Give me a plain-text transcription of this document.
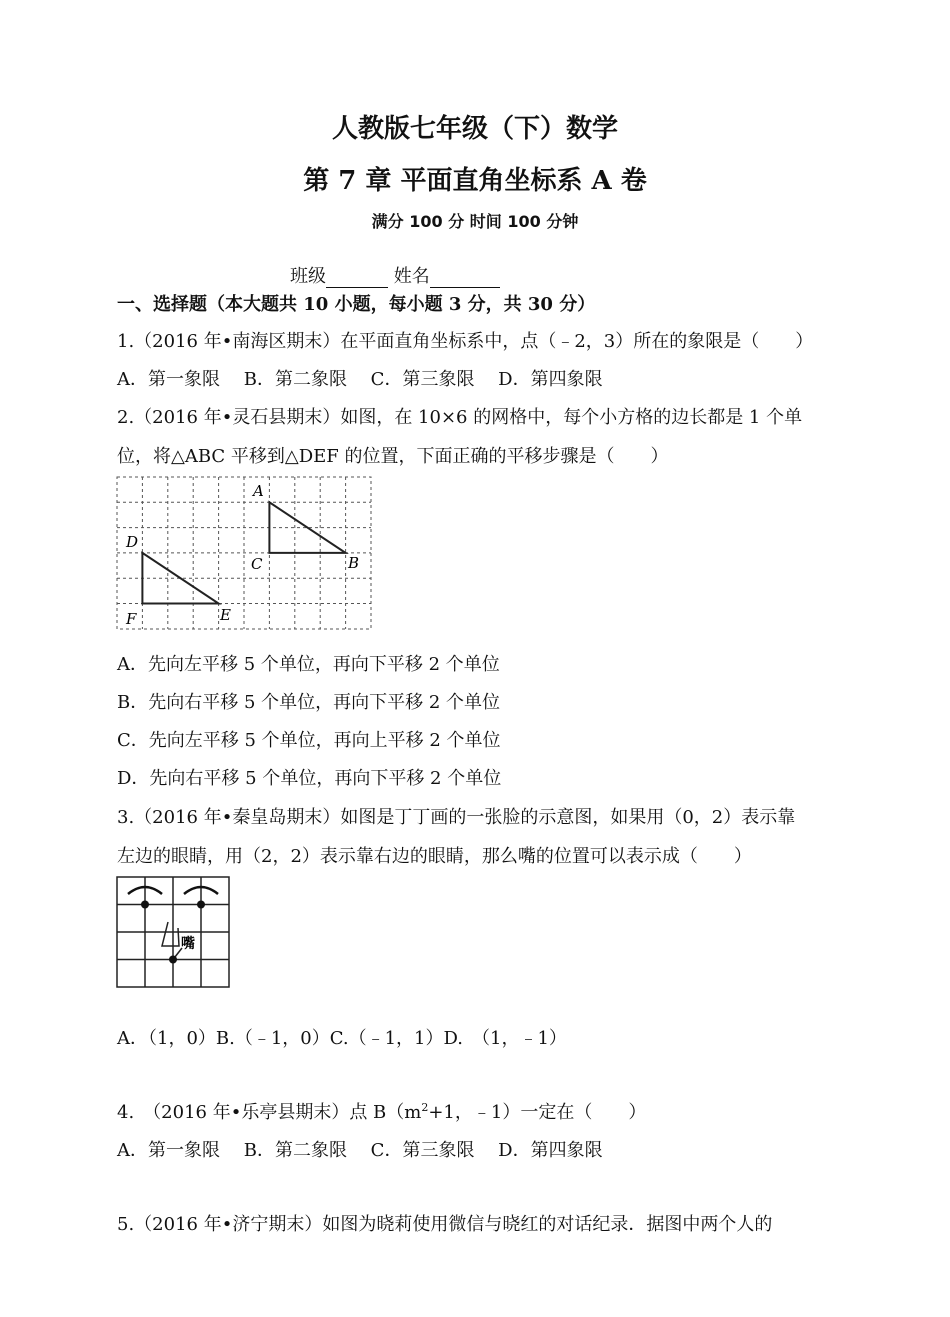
人教版七年级（下）数学
第 7 章 平面直角坐标系 A 卷
满分 100 分 时间 100 分钟
班级	姓名
一、选择题（本大题共 10 小题，每小题 3 分，共 30 分）
1.（2016 年•南海区期末）在平面直角坐标系中，点（﹣2，3）所在的象限是（　　）
A．第一象限　 B．第二象限　 C．第三象限　 D．第四象限
2.（2016 年•灵石县期末）如图，在 10×6 的网格中，每个小方格的边长都是 1 个单
位，将△ABC 平移到△DEF 的位置，下面正确的平移步骤是（　　）
A
B
C
D
E
F
A．先向左平移 5 个单位，再向下平移 2 个单位
B．先向右平移 5 个单位，再向下平移 2 个单位
C．先向左平移 5 个单位，再向上平移 2 个单位
D．先向右平移 5 个单位，再向下平移 2 个单位
3.（2016 年•秦皇岛期末）如图是丁丁画的一张脸的示意图，如果用（0，2）表示靠
左边的眼睛，用（2，2）表示靠右边的眼睛，那么嘴的位置可以表示成（　　）
嘴
A．（1，0）B.（﹣1，0）C.（﹣1，1）D.　（1，﹣1）
4.　（2016 年•乐亭县期末）点 $B(m^2+1$，﹣1）一定在（　　）
A．第一象限　 B．第二象限　 C．第三象限　 D．第四象限
5.（2016 年•济宁期末）如图为晓莉使用微信与晓红的对话纪录．据图中两个人的
